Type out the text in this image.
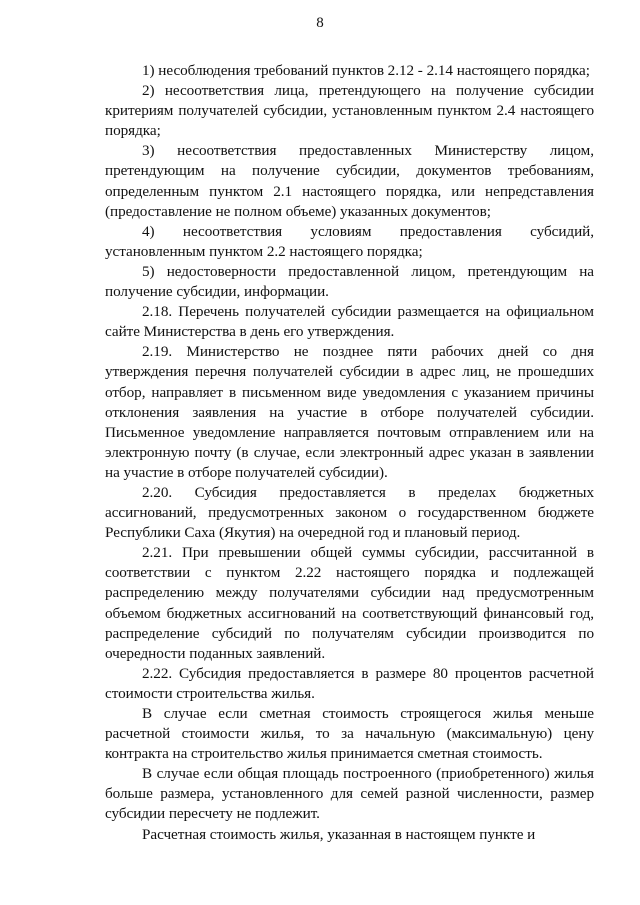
8

1) несоблюдения требований пунктов 2.12 - 2.14 настоящего порядка;

2) несоответствия лица, претендующего на получение субсидии критериям получателей субсидии, установленным пунктом 2.4 настоящего порядка;

3) несоответствия предоставленных Министерству лицом, претендующим на получение субсидии, документов требованиям, определенным пунктом 2.1 настоящего порядка, или непредставления (предоставление не полном объеме) указанных документов;

4) несоответствия условиям предоставления субсидий, установленным пунктом 2.2 настоящего порядка;

5) недостоверности предоставленной лицом, претендующим на получение субсидии, информации.

2.18. Перечень получателей субсидии размещается на официальном сайте Министерства в день его утверждения.

2.19. Министерство не позднее пяти рабочих дней со дня утверждения перечня получателей субсидии в адрес лиц, не прошедших отбор, направляет в письменном виде уведомления с указанием причины отклонения заявления на участие в отборе получателей субсидии. Письменное уведомление направляется почтовым отправлением или на электронную почту (в случае, если электронный адрес указан в заявлении на участие в отборе получателей субсидии).

2.20. Субсидия предоставляется в пределах бюджетных ассигнований, предусмотренных законом о государственном бюджете Республики Саха (Якутия) на очередной год и плановый период.

2.21. При превышении общей суммы субсидии, рассчитанной в соответствии с пунктом 2.22 настоящего порядка и подлежащей распределению между получателями субсидии над предусмотренным объемом бюджетных ассигнований на соответствующий финансовый год, распределение субсидий по получателям субсидии производится по очередности поданных заявлений.

2.22. Субсидия предоставляется в размере 80 процентов расчетной стоимости строительства жилья.

В случае если сметная стоимость строящегося жилья меньше расчетной стоимости жилья, то за начальную (максимальную) цену контракта на строительство жилья принимается сметная стоимость.

В случае если общая площадь построенного (приобретенного) жилья больше размера, установленного для семей разной численности, размер субсидии пересчету не подлежит.

Расчетная стоимость жилья, указанная в настоящем пункте и
